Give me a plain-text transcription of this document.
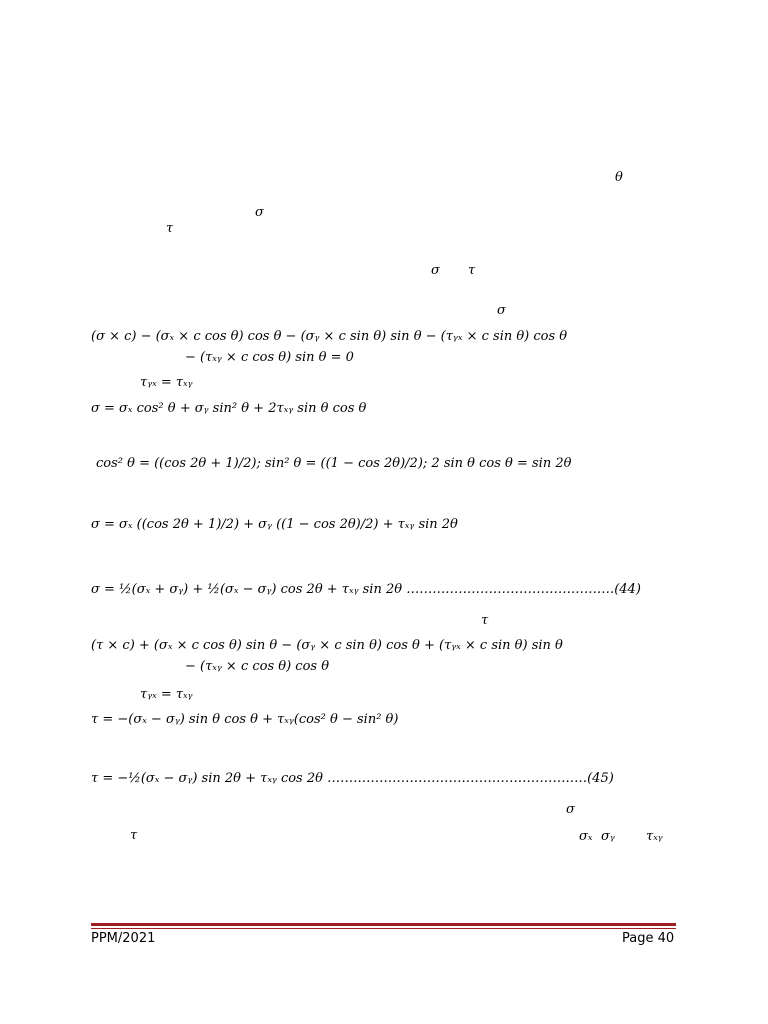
θ
σ
τ
σ τ
σ
(σ × c) − (σₓ × c cos θ) cos θ − (σᵧ × c sin θ) sin θ − (τᵧₓ × c sin θ) cos θ
− (τₓᵧ × c cos θ) sin θ = 0
τᵧₓ = τₓᵧ
σ = σₓ cos² θ + σᵧ sin² θ + 2τₓᵧ sin θ cos θ
cos² θ = ((cos 2θ + 1)/2); sin² θ = ((1 − cos 2θ)/2); 2 sin θ cos θ = sin 2θ
σ = σₓ ((cos 2θ + 1)/2) + σᵧ ((1 − cos 2θ)/2) + τₓᵧ sin 2θ
σ = ½(σₓ + σᵧ) + ½(σₓ − σᵧ) cos 2θ + τₓᵧ sin 2θ …………………………………………(44)
τ
(τ × c) + (σₓ × c cos θ) sin θ − (σᵧ × c sin θ) cos θ + (τᵧₓ × c sin θ) sin θ
− (τₓᵧ × c cos θ) cos θ
τᵧₓ = τₓᵧ
τ = −(σₓ − σᵧ) sin θ cos θ + τₓᵧ(cos² θ − sin² θ)
τ = −½(σₓ − σᵧ) sin 2θ + τₓᵧ cos 2θ ……………………………………………………(45)
σ
τ	σₓ σᵧ τₓᵧ
PPM/2021	Page 40
